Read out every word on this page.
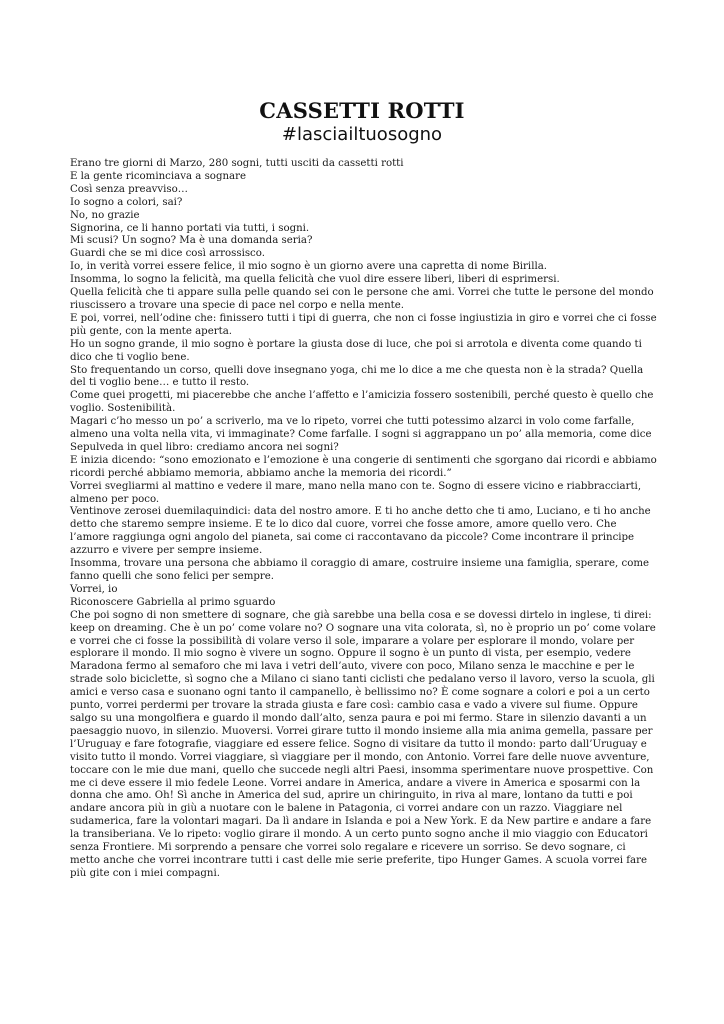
CASSETTI ROTTI
#lasciailtuosogno

Erano tre giorni di Marzo, 280 sogni, tutti usciti da cassetti rotti

E la gente ricominciava a sognare

Così senza preavviso…

Io sogno a colori, sai?

No, no grazie

Signorina, ce li hanno portati via tutti, i sogni.

Mi scusi? Un sogno? Ma è una domanda seria?

Guardi che se mi dice così arrossisco.

Io, in verità vorrei essere felice, il mio sogno è un giorno avere una capretta di nome Birilla.

Insomma, lo sogno la felicità, ma quella felicità che vuol dire essere liberi, liberi di esprimersi.

Quella felicità che ti appare sulla pelle quando sei con le persone che ami. Vorrei che tutte le persone del mondo riuscissero a trovare una specie di pace nel corpo e nella mente.

E poi, vorrei, nell’odine che: finissero tutti i tipi di guerra, che non ci fosse ingiustizia in giro e vorrei che ci fosse più gente, con la mente aperta.

Ho un sogno grande, il mio sogno è portare la giusta dose di luce, che poi si arrotola e diventa come quando ti dico che ti voglio bene.

Sto frequentando un corso, quelli dove insegnano yoga, chi me lo dice a me che questa non è la strada? Quella del ti voglio bene… e tutto il resto.

Come quei progetti, mi piacerebbe che anche l’affetto e l’amicizia fossero sostenibili, perché questo è quello che voglio. Sostenibilità.

Magari c’ho messo un po’ a scriverlo, ma ve lo ripeto, vorrei che tutti potessimo alzarci in volo come farfalle, almeno una volta nella vita, vi immaginate? Come farfalle. I sogni si aggrappano un po’ alla memoria, come dice Sepulveda in quel libro: crediamo ancora nei sogni?

E inizia dicendo: “sono emozionato e l’emozione è una congerie di sentimenti che sgorgano dai ricordi e abbiamo ricordi perché abbiamo memoria, abbiamo anche la memoria dei ricordi.”

Vorrei svegliarmi al mattino e vedere il mare, mano nella mano con te. Sogno di essere vicino e riabbracciarti, almeno per poco.

Ventinove zerosei duemilaquindici: data del nostro amore. E ti ho anche detto che ti amo, Luciano, e ti ho anche detto che staremo sempre insieme. E te lo dico dal cuore, vorrei che fosse amore, amore quello vero. Che l’amore raggiunga ogni angolo del pianeta, sai come ci raccontavano da piccole? Come incontrare il principe azzurro e vivere per sempre insieme.

Insomma, trovare una persona che abbiamo il coraggio di amare, costruire insieme una famiglia, sperare, come fanno quelli che sono felici per sempre.

Vorrei, io

Riconoscere Gabriella al primo sguardo

Che poi sogno di non smettere di sognare, che già sarebbe una bella cosa e se dovessi dirtelo in inglese, ti direi: keep on dreaming. Che è un po’ come volare no? O sognare una vita colorata, sì, no è proprio un po’ come volare e vorrei che ci fosse la possibilità di volare verso il sole, imparare a volare per esplorare il mondo, volare per esplorare il mondo. Il mio sogno è vivere un sogno. Oppure il sogno è un punto di vista, per esempio, vedere Maradona fermo al semaforo che mi lava i vetri dell’auto, vivere con poco, Milano senza le macchine e per le strade solo biciclette, sì sogno che a Milano ci siano tanti ciclisti che pedalano verso il lavoro, verso la scuola, gli amici e verso casa e suonano ogni tanto il campanello, è bellissimo no? È come sognare a colori e poi a un certo punto, vorrei perdermi per trovare la strada giusta e fare così: cambio casa e vado a vivere sul fiume. Oppure salgo su una mongolfiera e guardo il mondo dall’alto, senza paura e poi mi fermo. Stare in silenzio davanti a un paesaggio nuovo, in silenzio. Muoversi. Vorrei girare tutto il mondo insieme alla mia anima gemella, passare per l’Uruguay e fare fotografie, viaggiare ed essere felice. Sogno di visitare da tutto il mondo: parto dall’Uruguay e visito tutto il mondo. Vorrei viaggiare, sì viaggiare per il mondo, con Antonio. Vorrei fare delle nuove avventure, toccare con le mie due mani, quello che succede negli altri Paesi, insomma sperimentare nuove prospettive. Con me ci deve essere il mio fedele Leone. Vorrei andare in America, andare a vivere in America e sposarmi con la donna che amo. Oh! Sì anche in America del sud, aprire un chiringuito, in riva al mare, lontano da tutti e poi andare ancora più in giù a nuotare con le balene in Patagonia, ci vorrei andare con un razzo. Viaggiare nel sudamerica, fare la volontari magari. Da lì andare in Islanda e poi a New York. E da New partire e andare a fare la transiberiana. Ve lo ripeto: voglio girare il mondo. A un certo punto sogno anche il mio viaggio con Educatori senza Frontiere. Mi sorprendo a pensare che vorrei solo regalare e ricevere un sorriso. Se devo sognare, ci metto anche che vorrei incontrare tutti i cast delle mie serie preferite, tipo Hunger Games. A scuola vorrei fare più gite con i miei compagni.
